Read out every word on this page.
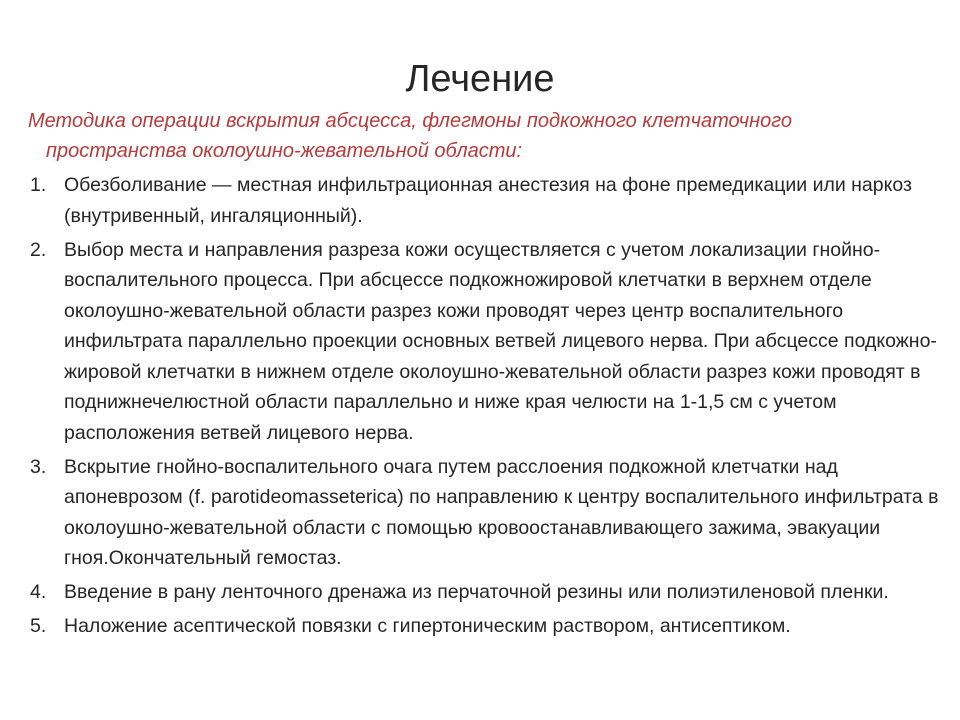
Лечение
Методика операции вскрытия абсцесса, флегмоны подкожного клетчаточного
пространства околоушно-жевательной области:
1. Обезболивание — местная инфильтрационная анестезия на фоне премедикации или наркоз (внутривенный, ингаляционный).
2. Выбор места и направления разреза кожи осуществляется с учетом локализации гнойно-воспалительного процесса. При абсцессе подкожножировой клетчатки в верхнем отделе околоушно-жевательной области разрез кожи проводят через центр воспалительного инфильтрата параллельно проекции основных ветвей лицевого нерва. При абсцессе подкожно-жировой клетчатки в нижнем отделе околоушно-жевательной области разрез кожи проводят в поднижнечелюстной области параллельно и ниже края челюсти на 1-1,5 см с учетом расположения ветвей лицевого нерва.
3. Вскрытие гнойно-воспалительного очага путем расслоения подкожной клетчатки над апоневрозом (f. parotideomasseterica) по направлению к центру воспалительного инфильтрата в околоушно-жевательной области с помощью кровоостанавливающего зажима, эвакуации гноя.Окончательный гемостаз.
4. Введение в рану ленточного дренажа из перчаточной резины или полиэтиленовой пленки.
5. Наложение асептической повязки с гипертоническим раствором, антисептиком.
